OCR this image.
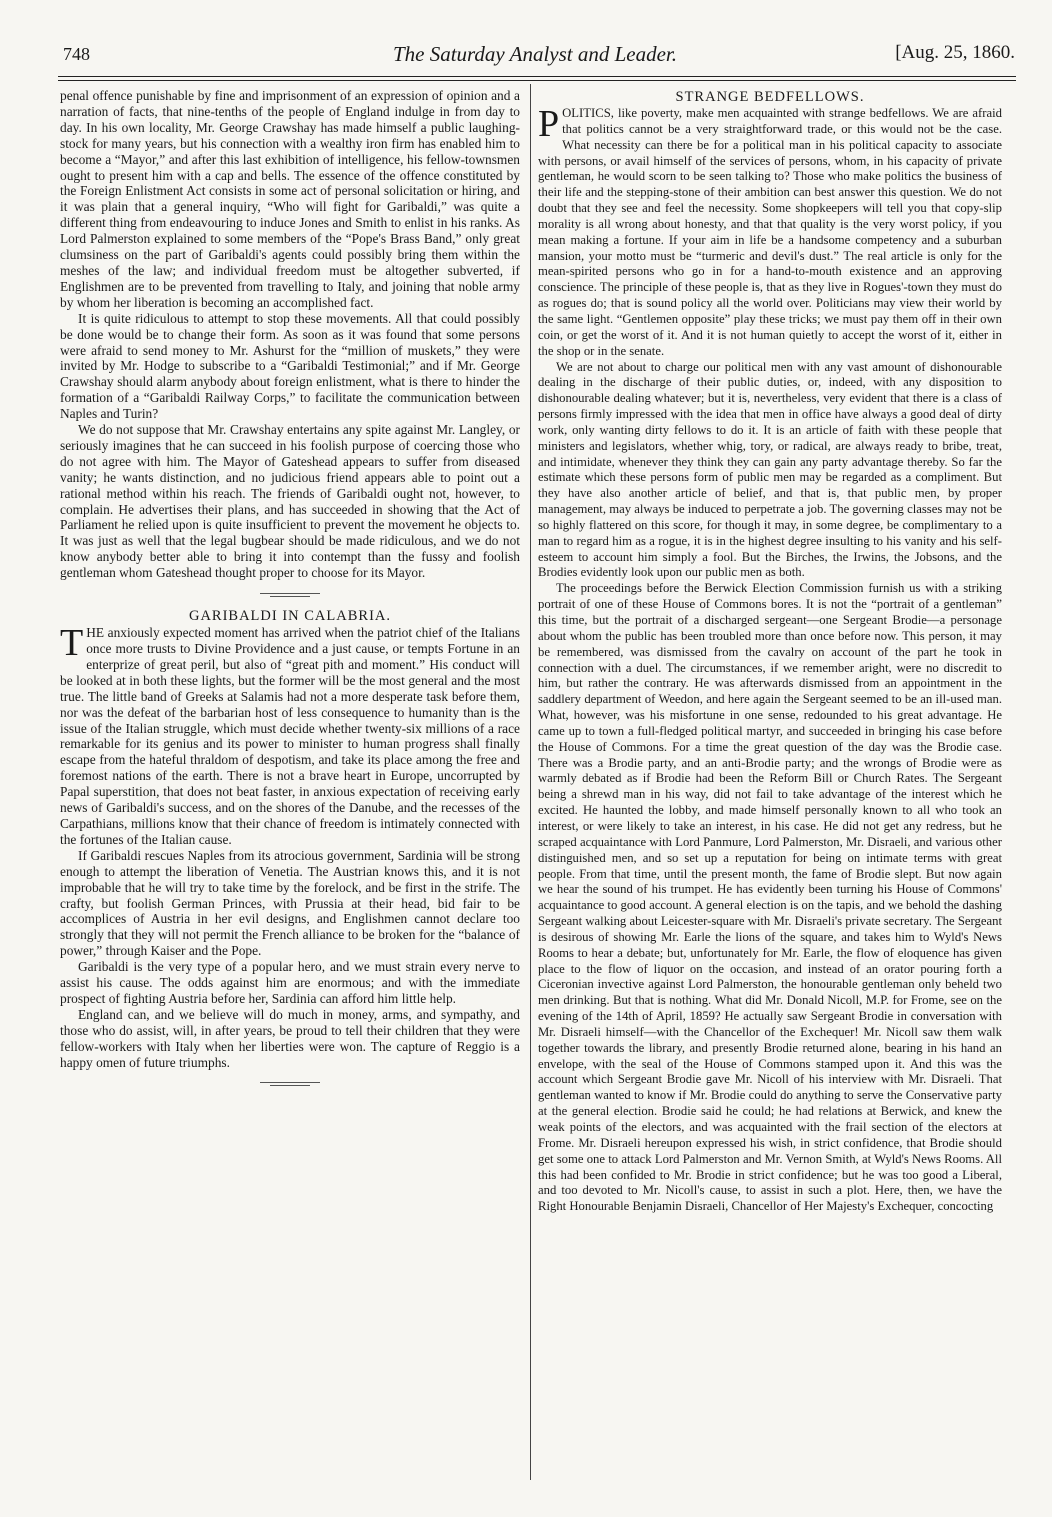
748	The Saturday Analyst and Leader.	[Aug. 25, 1860.

penal offence punishable by fine and imprisonment of an expression of opinion and a narration of facts, that nine-tenths of the people of England indulge in from day to day. In his own locality, Mr. George Crawshay has made himself a public laughing-stock for many years, but his connection with a wealthy iron firm has enabled him to become a “Mayor,” and after this last exhibition of intelligence, his fellow-townsmen ought to present him with a cap and bells. The essence of the offence constituted by the Foreign Enlistment Act consists in some act of personal solicitation or hiring, and it was plain that a general inquiry, “Who will fight for Garibaldi,” was quite a different thing from endeavouring to induce Jones and Smith to enlist in his ranks. As Lord Palmerston explained to some members of the “Pope's Brass Band,” only great clumsiness on the part of Garibaldi's agents could possibly bring them within the meshes of the law; and individual freedom must be altogether subverted, if Englishmen are to be prevented from travelling to Italy, and joining that noble army by whom her liberation is becoming an accomplished fact.

It is quite ridiculous to attempt to stop these movements. All that could possibly be done would be to change their form. As soon as it was found that some persons were afraid to send money to Mr. Ashurst for the “million of muskets,” they were invited by Mr. Hodge to subscribe to a “Garibaldi Testimonial;” and if Mr. George Crawshay should alarm anybody about foreign enlistment, what is there to hinder the formation of a “Garibaldi Railway Corps,” to facilitate the communication between Naples and Turin?

We do not suppose that Mr. Crawshay entertains any spite against Mr. Langley, or seriously imagines that he can succeed in his foolish purpose of coercing those who do not agree with him. The Mayor of Gateshead appears to suffer from diseased vanity; he wants distinction, and no judicious friend appears able to point out a rational method within his reach. The friends of Garibaldi ought not, however, to complain. He advertises their plans, and has succeeded in showing that the Act of Parliament he relied upon is quite insufficient to prevent the movement he objects to. It was just as well that the legal bugbear should be made ridiculous, and we do not know anybody better able to bring it into contempt than the fussy and foolish gentleman whom Gateshead thought proper to choose for its Mayor.

GARIBALDI IN CALABRIA.

THE anxiously expected moment has arrived when the patriot chief of the Italians once more trusts to Divine Providence and a just cause, or tempts Fortune in an enterprize of great peril, but also of “great pith and moment.” His conduct will be looked at in both these lights, but the former will be the most general and the most true. The little band of Greeks at Salamis had not a more desperate task before them, nor was the defeat of the barbarian host of less consequence to humanity than is the issue of the Italian struggle, which must decide whether twenty-six millions of a race remarkable for its genius and its power to minister to human progress shall finally escape from the hateful thraldom of despotism, and take its place among the free and foremost nations of the earth. There is not a brave heart in Europe, uncorrupted by Papal superstition, that does not beat faster, in anxious expectation of receiving early news of Garibaldi's success, and on the shores of the Danube, and the recesses of the Carpathians, millions know that their chance of freedom is intimately connected with the fortunes of the Italian cause.

If Garibaldi rescues Naples from its atrocious government, Sardinia will be strong enough to attempt the liberation of Venetia. The Austrian knows this, and it is not improbable that he will try to take time by the forelock, and be first in the strife. The crafty, but foolish German Princes, with Prussia at their head, bid fair to be accomplices of Austria in her evil designs, and Englishmen cannot declare too strongly that they will not permit the French alliance to be broken for the “balance of power,” through Kaiser and the Pope.

Garibaldi is the very type of a popular hero, and we must strain every nerve to assist his cause. The odds against him are enormous; and with the immediate prospect of fighting Austria before her, Sardinia can afford him little help.

England can, and we believe will do much in money, arms, and sympathy, and those who do assist, will, in after years, be proud to tell their children that they were fellow-workers with Italy when her liberties were won. The capture of Reggio is a happy omen of future triumphs.

STRANGE BEDFELLOWS.

POLITICS, like poverty, make men acquainted with strange bedfellows. We are afraid that politics cannot be a very straightforward trade, or this would not be the case. What necessity can there be for a political man in his political capacity to associate with persons, or avail himself of the services of persons, whom, in his capacity of private gentleman, he would scorn to be seen talking to? Those who make politics the business of their life and the stepping-stone of their ambition can best answer this question. We do not doubt that they see and feel the necessity. Some shopkeepers will tell you that copy-slip morality is all wrong about honesty, and that that quality is the very worst policy, if you mean making a fortune. If your aim in life be a handsome competency and a suburban mansion, your motto must be “turmeric and devil's dust.” The real article is only for the mean-spirited persons who go in for a hand-to-mouth existence and an approving conscience. The principle of these people is, that as they live in Rogues'-town they must do as rogues do; that is sound policy all the world over. Politicians may view their world by the same light. “Gentlemen opposite” play these tricks; we must pay them off in their own coin, or get the worst of it. And it is not human quietly to accept the worst of it, either in the shop or in the senate.

We are not about to charge our political men with any vast amount of dishonourable dealing in the discharge of their public duties, or, indeed, with any disposition to dishonourable dealing whatever; but it is, nevertheless, very evident that there is a class of persons firmly impressed with the idea that men in office have always a good deal of dirty work, only wanting dirty fellows to do it. It is an article of faith with these people that ministers and legislators, whether whig, tory, or radical, are always ready to bribe, treat, and intimidate, whenever they think they can gain any party advantage thereby. So far the estimate which these persons form of public men may be regarded as a compliment. But they have also another article of belief, and that is, that public men, by proper management, may always be induced to perpetrate a job. The governing classes may not be so highly flattered on this score, for though it may, in some degree, be complimentary to a man to regard him as a rogue, it is in the highest degree insulting to his vanity and his self-esteem to account him simply a fool. But the Birches, the Irwins, the Jobsons, and the Brodies evidently look upon our public men as both.

The proceedings before the Berwick Election Commission furnish us with a striking portrait of one of these House of Commons bores. It is not the “portrait of a gentleman” this time, but the portrait of a discharged sergeant—one Sergeant Brodie—a personage about whom the public has been troubled more than once before now. This person, it may be remembered, was dismissed from the cavalry on account of the part he took in connection with a duel. The circumstances, if we remember aright, were no discredit to him, but rather the contrary. He was afterwards dismissed from an appointment in the saddlery department of Weedon, and here again the Sergeant seemed to be an ill-used man. What, however, was his misfortune in one sense, redounded to his great advantage. He came up to town a full-fledged political martyr, and succeeded in bringing his case before the House of Commons. For a time the great question of the day was the Brodie case. There was a Brodie party, and an anti-Brodie party; and the wrongs of Brodie were as warmly debated as if Brodie had been the Reform Bill or Church Rates. The Sergeant being a shrewd man in his way, did not fail to take advantage of the interest which he excited. He haunted the lobby, and made himself personally known to all who took an interest, or were likely to take an interest, in his case. He did not get any redress, but he scraped acquaintance with Lord Panmure, Lord Palmerston, Mr. Disraeli, and various other distinguished men, and so set up a reputation for being on intimate terms with great people. From that time, until the present month, the fame of Brodie slept. But now again we hear the sound of his trumpet. He has evidently been turning his House of Commons' acquaintance to good account. A general election is on the tapis, and we behold the dashing Sergeant walking about Leicester-square with Mr. Disraeli's private secretary. The Sergeant is desirous of showing Mr. Earle the lions of the square, and takes him to Wyld's News Rooms to hear a debate; but, unfortunately for Mr. Earle, the flow of eloquence has given place to the flow of liquor on the occasion, and instead of an orator pouring forth a Ciceronian invective against Lord Palmerston, the honourable gentleman only beheld two men drinking. But that is nothing. What did Mr. Donald Nicoll, M.P. for Frome, see on the evening of the 14th of April, 1859? He actually saw Sergeant Brodie in conversation with Mr. Disraeli himself—with the Chancellor of the Exchequer! Mr. Nicoll saw them walk together towards the library, and presently Brodie returned alone, bearing in his hand an envelope, with the seal of the House of Commons stamped upon it. And this was the account which Sergeant Brodie gave Mr. Nicoll of his interview with Mr. Disraeli. That gentleman wanted to know if Mr. Brodie could do anything to serve the Conservative party at the general election. Brodie said he could; he had relations at Berwick, and knew the weak points of the electors, and was acquainted with the frail section of the electors at Frome. Mr. Disraeli hereupon expressed his wish, in strict confidence, that Brodie should get some one to attack Lord Palmerston and Mr. Vernon Smith, at Wyld's News Rooms. All this had been confided to Mr. Brodie in strict confidence; but he was too good a Liberal, and too devoted to Mr. Nicoll's cause, to assist in such a plot. Here, then, we have the Right Honourable Benjamin Disraeli, Chancellor of Her Majesty's Exchequer, concocting
